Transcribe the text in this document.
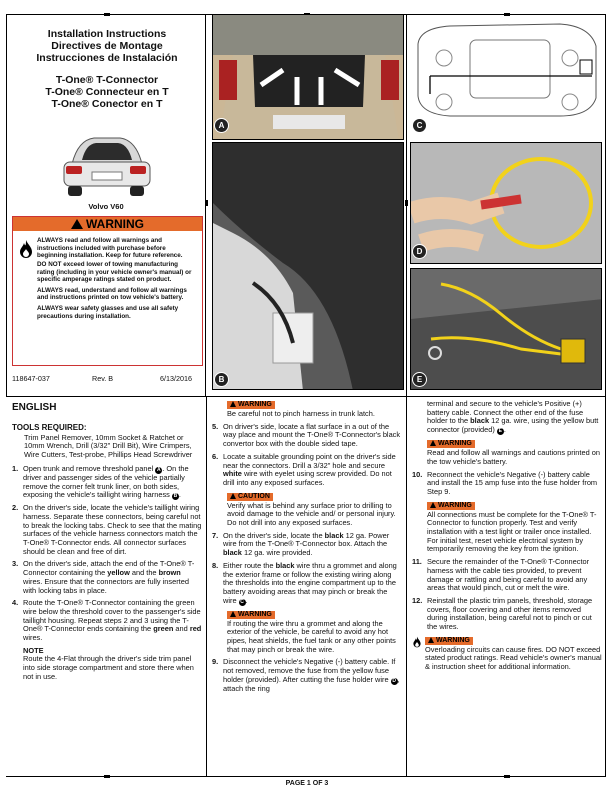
Installation Instructions
Directives de Montage
Instrucciones de Instalación
T-One® T-Connector
T-One® Connecteur en T
T-One® Conector en T
Volvo V60
WARNING

ALWAYS read and follow all warnings and instructions included with purchase before beginning installation. Keep for future reference.

DO NOT exceed lower of towing manufacturing rating (including in your vehicle owner's manual) or specific amperage ratings stated on product.

ALWAYS read, understand and follow all warnings and instructions printed on tow vehicle's battery.

ALWAYS wear safety glasses and use all safety precautions during installation.

118647-037	Rev. B	6/13/2016
A	C
B
D
E
ENGLISH
TOOLS REQUIRED:
Trim Panel Remover, 10mm Socket & Ratchet or 10mm Wrench, Drill (3/32" Drill Bit), Wire Crimpers, Wire Cutters, Test-probe, Phillips Head Screwdriver
1. Open trunk and remove threshold panel A . On the driver and passenger sides of the vehicle partially remove the corner felt trunk liner, on both sides, exposing the vehicle's taillight wiring harness B .
2. On the driver's side, locate the vehicle's taillight wiring harness. Separate these connectors, being careful not to break the locking tabs. Check to see that the mating surfaces of the vehicle harness connectors match the T-One® T-Connector ends. All connector surfaces should be clean and free of dirt.
3. On the driver's side, attach the end of the T-One® T-Connector containing the yellow and the brown wires. Ensure that the connectors are fully inserted with locking tabs in place.
4. Route the T-One® T-Connector containing the green wire below the threshold cover to the passenger's side taillight housing. Repeat steps 2 and 3 using the T-One® T-Connector ends containing the green and red wires.
NOTE
Route the 4-Flat through the driver's side trim panel into side storage compartment and store there when not in use.
WARNING
Be careful not to pinch harness in trunk latch.
5. On driver's side, locate a flat surface in a out of the way place and mount the T-One® T-Connector's black convertor box with the double sided tape.
6. Locate a suitable grounding point on the driver's side near the connectors. Drill a 3/32" hole and secure white wire with eyelet using screw provided. Do not drill into any exposed surfaces.
CAUTION
Verify what is behind any surface prior to drilling to avoid damage to the vehicle and/ or personal injury. Do not drill into any exposed surfaces.
7. On the driver's side, locate the black 12 ga. Power wire from the T-One® T-Connector box. Attach the black 12 ga. wire provided.
8. Either route the black wire thru a grommet and along the exterior frame or follow the existing wiring along the thresholds into the engine compartment up to the battery avoiding areas that may pinch or break the wire C .
WARNING
If routing the wire thru a grommet and along the exterior of the vehicle, be careful to avoid any hot pipes, heat shields, the fuel tank or any other points that may pinch or break the wire.
9. Disconnect the vehicle's Negative (-) battery cable. If not removed, remove the fuse from the yellow fuse holder (provided). After cutting the fuse holder wire D , attach the ring
terminal and secure to the vehicle's Positive (+) battery cable. Connect the other end of the fuse holder to the black 12 ga. wire, using the yellow butt connector (provided) E .
WARNING
Read and follow all warnings and cautions printed on the tow vehicle's battery.
10. Reconnect the vehicle's Negative (-) battery cable and install the 15 amp fuse into the fuse holder from Step 9.
WARNING
All connections must be complete for the T-One® T-Connector to function properly. Test and verify installation with a test light or trailer once installed. For initial test, reset vehicle electrical system by temporarily removing the key from the ignition.
11. Secure the remainder of the T-One® T-Connector harness with the cable ties provided, to prevent damage or rattling and being careful to avoid any areas that would pinch, cut or melt the wire.
12. Reinstall the plastic trim panels, threshold, storage covers, floor covering and other items removed during installation, being careful not to pinch or cut the wires.
WARNING
Overloading circuits can cause fires. DO NOT exceed stated product ratings. Read vehicle's owner's manual & instruction sheet for additional information.
PAGE 1 OF 3
